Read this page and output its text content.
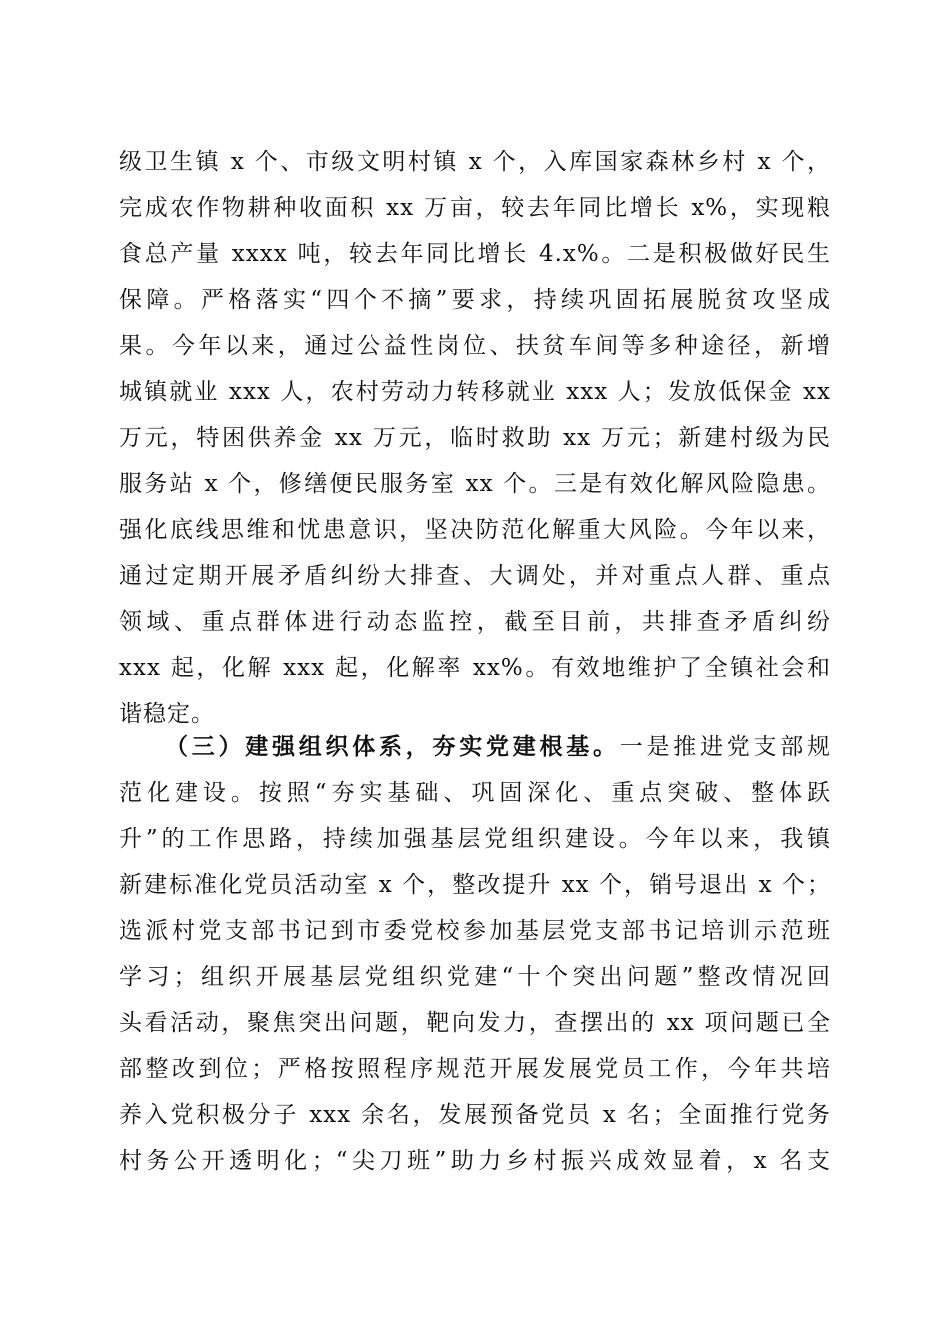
级卫生镇 x 个、市级文明村镇 x 个，入库国家森林乡村 x 个，
完成农作物耕种收面积 xx 万亩，较去年同比增长 x%，实现粮
食总产量 xxxx 吨，较去年同比增长 4.x%。二是积极做好民生
保障。严格落实“四个不摘”要求，持续巩固拓展脱贫攻坚成
果。今年以来，通过公益性岗位、扶贫车间等多种途径，新增
城镇就业 xxx 人，农村劳动力转移就业 xxx 人；发放低保金 xx
万元，特困供养金 xx 万元，临时救助 xx 万元；新建村级为民
服务站 x 个，修缮便民服务室 xx 个。三是有效化解风险隐患。
强化底线思维和忧患意识，坚决防范化解重大风险。今年以来，
通过定期开展矛盾纠纷大排查、大调处，并对重点人群、重点
领域、重点群体进行动态监控，截至目前，共排查矛盾纠纷
xxx 起，化解 xxx 起，化解率 xx%。有效地维护了全镇社会和
谐稳定。
（三）建强组织体系，夯实党建根基。一是推进党支部规
范化建设。按照“夯实基础、巩固深化、重点突破、整体跃
升”的工作思路，持续加强基层党组织建设。今年以来，我镇
新建标准化党员活动室 x 个，整改提升 xx 个，销号退出 x 个；
选派村党支部书记到市委党校参加基层党支部书记培训示范班
学习；组织开展基层党组织党建“十个突出问题”整改情况回
头看活动，聚焦突出问题，靶向发力，查摆出的 xx 项问题已全
部整改到位；严格按照程序规范开展发展党员工作，今年共培
养入党积极分子 xxx 余名，发展预备党员 x 名；全面推行党务
村务公开透明化；“尖刀班”助力乡村振兴成效显着，x 名支
